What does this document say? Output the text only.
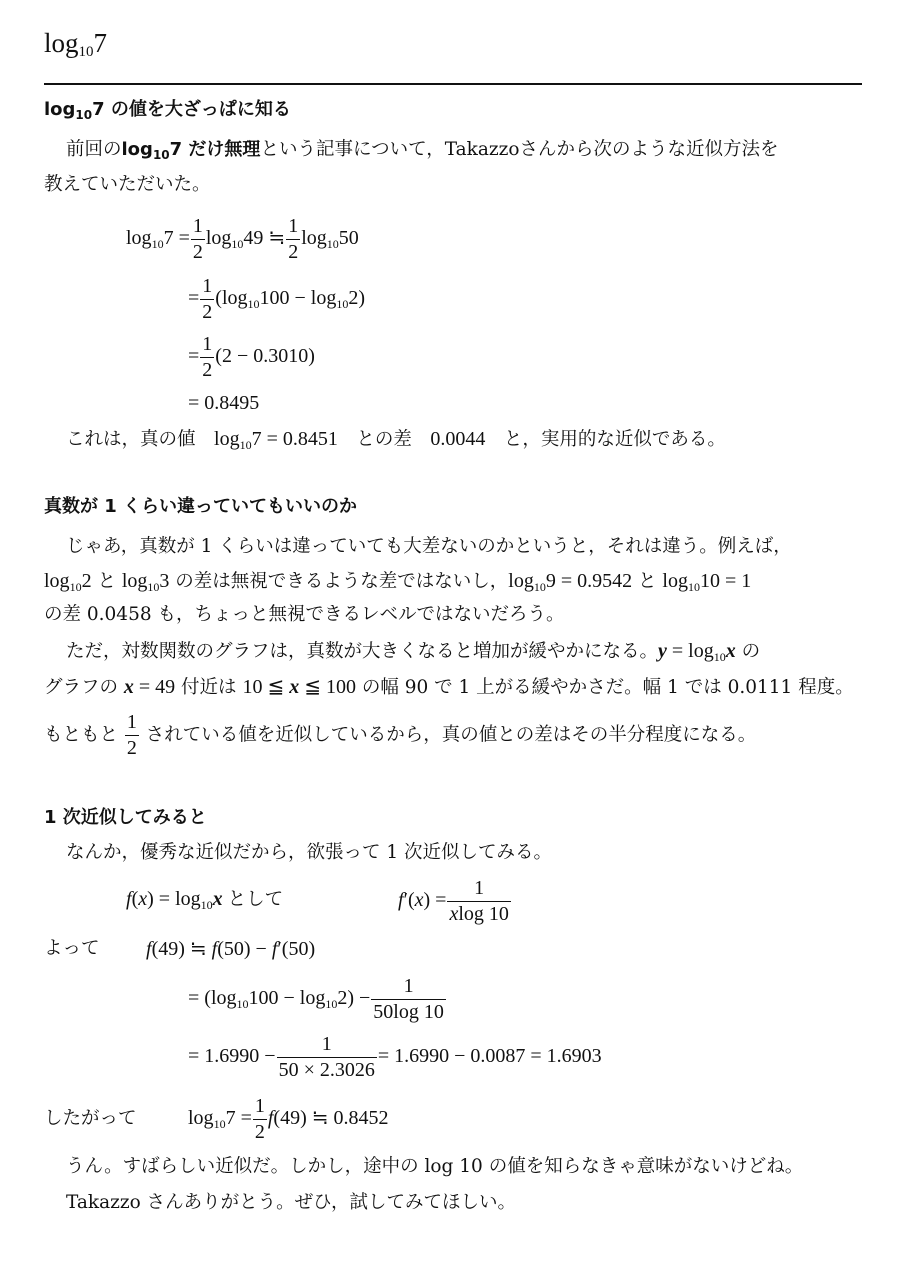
$\log_{10}7$
$\log_{10}7$ の値を大ざっぱに知る
前回の$\log_{10}7$ だけ無理という記事について，Takazzoさんから次のような近似方法を
教えていただいた。
$\log_{10}7 = \frac{1}{2} \log_{10}49$ ≒ $\frac{1}{2} \log_{10}50$
= $\frac{1}{2} (\log_{10}100 - \log_{10}2)$
= $\frac{1}{2} (2 - 0.3010)$
= 0.8495
これは，真の値　$\log_{10}7 = 0.8451$　との差　0.0044　と，実用的な近似である。
真数が 1 くらい違っていてもいいのか
じゃあ，真数が 1 くらいは違っていても大差ないのかというと，それは違う。例えば，
$\log_{10}2$ と $\log_{10}3$ の差は無視できるような差ではないし，$\log_{10}9 = 0.9542$ と $\log_{10}10 = 1$
の差 0.0458 も，ちょっと無視できるレベルではないだろう。
ただ，対数関数のグラフは，真数が大きくなると増加が緩やかになる。$y = \log_{10}x$ の
グラフの x = 49 付近は 10 ≦ x ≦ 100 の幅 90 で 1 上がる緩やかさだ。幅 1 では 0.0111 程度。
もともと $\frac{1}{2}$ されている値を近似しているから，真の値との差はその半分程度になる。
1 次近似してみると
なんか，優秀な近似だから，欲張って 1 次近似してみる。
$f(x) = \log_{10}x$ として	$f'(x) = \frac{1}{xlog 10}$
よって f(49) ≒ f(50) − f′(50)
= $(\log_{10}100 - \log_{10}2) - \frac{1}{50\log 10}$
= $1.6990 - \frac{1}{50 \times 2.3026} = 1.6990 - 0.0087 = 1.6903$
したがって	$\log_{10}7 = \frac{1}{2} f(49)$ ≒ 0.8452
うん。すばらしい近似だ。しかし，途中の log 10 の値を知らなきゃ意味がないけどね。
Takazzo さんありがとう。ぜひ，試してみてほしい。
